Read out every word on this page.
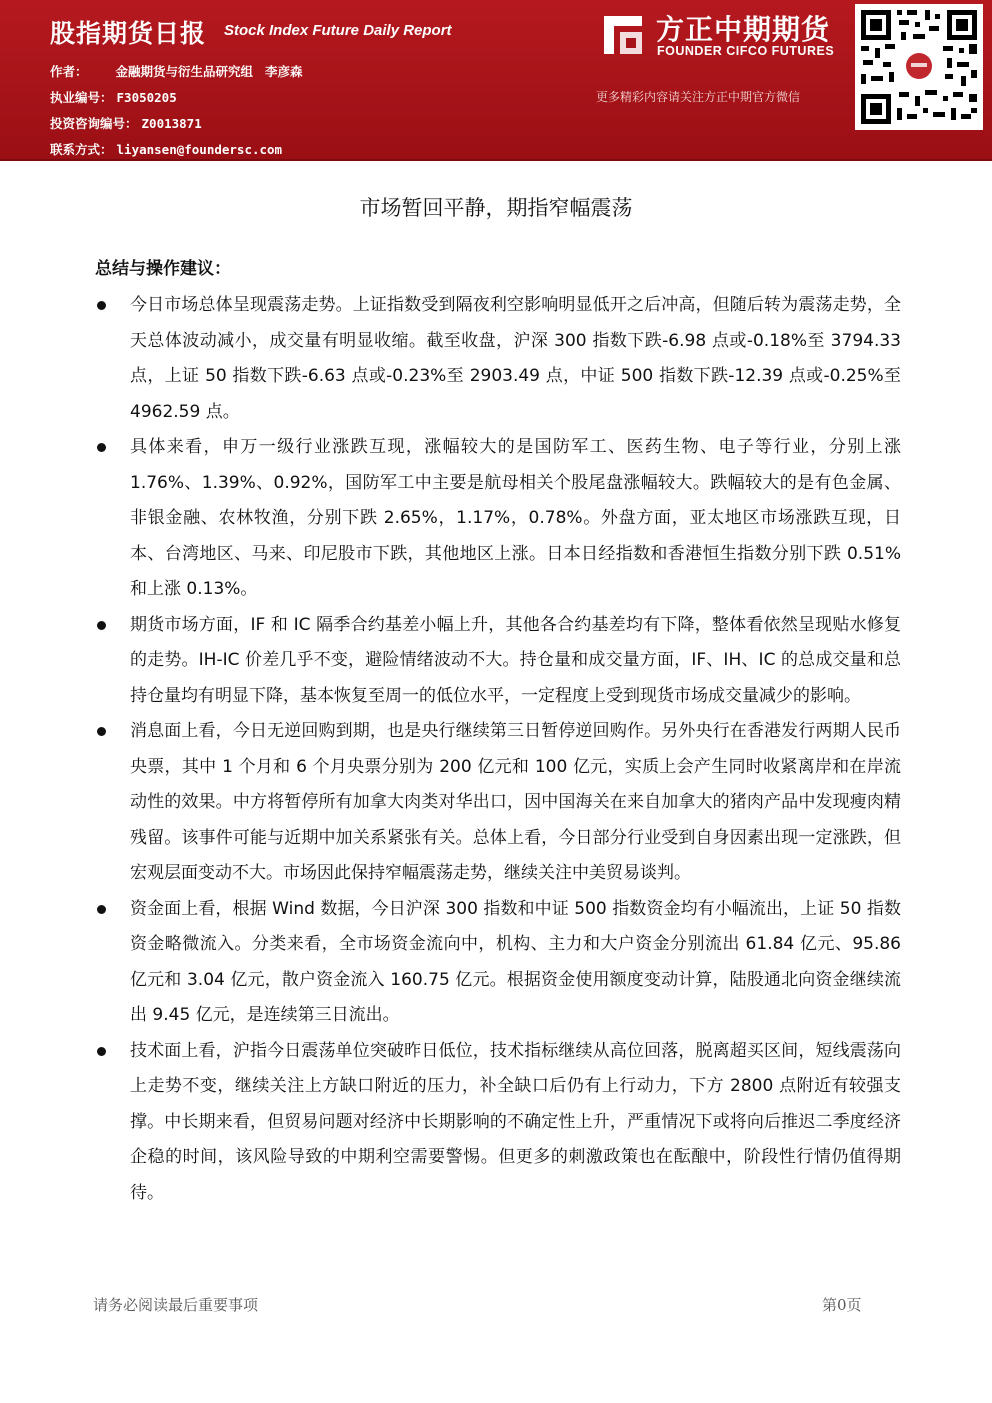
股指期货日报 Stock Index Future Daily Report
作者： 金融期货与衍生品研究组 李彦森
执业编号： F3050205
投资咨询编号： Z0013871
联系方式： liyansen@foundersc.com
方正中期期货
FOUNDER CIFCO FUTURES
更多精彩内容请关注方正中期官方微信
市场暂回平静，期指窄幅震荡
总结与操作建议：
今日市场总体呈现震荡走势。上证指数受到隔夜利空影响明显低开之后冲高，但随后转为震荡走势，全天总体波动减小，成交量有明显收缩。截至收盘，沪深 300 指数下跌-6.98 点或-0.18%至 3794.33 点，上证 50 指数下跌-6.63 点或-0.23%至 2903.49 点，中证 500 指数下跌-12.39 点或-0.25%至 4962.59 点。
具体来看，申万一级行业涨跌互现，涨幅较大的是国防军工、医药生物、电子等行业，分别上涨 1.76%、1.39%、0.92%，国防军工中主要是航母相关个股尾盘涨幅较大。跌幅较大的是有色金属、非银金融、农林牧渔，分别下跌 2.65%，1.17%，0.78%。外盘方面，亚太地区市场涨跌互现，日本、台湾地区、马来、印尼股市下跌，其他地区上涨。日本日经指数和香港恒生指数分别下跌 0.51%和上涨 0.13%。
期货市场方面，IF 和 IC 隔季合约基差小幅上升，其他各合约基差均有下降，整体看依然呈现贴水修复的走势。IH-IC 价差几乎不变，避险情绪波动不大。持仓量和成交量方面，IF、IH、IC 的总成交量和总持仓量均有明显下降，基本恢复至周一的低位水平，一定程度上受到现货市场成交量减少的影响。
消息面上看，今日无逆回购到期，也是央行继续第三日暂停逆回购作。另外央行在香港发行两期人民币央票，其中 1 个月和 6 个月央票分别为 200 亿元和 100 亿元，实质上会产生同时收紧离岸和在岸流动性的效果。中方将暂停所有加拿大肉类对华出口，因中国海关在来自加拿大的猪肉产品中发现瘦肉精残留。该事件可能与近期中加关系紧张有关。总体上看，今日部分行业受到自身因素出现一定涨跌，但宏观层面变动不大。市场因此保持窄幅震荡走势，继续关注中美贸易谈判。
资金面上看，根据 Wind 数据，今日沪深 300 指数和中证 500 指数资金均有小幅流出，上证 50 指数资金略微流入。分类来看，全市场资金流向中，机构、主力和大户资金分别流出 61.84 亿元、95.86 亿元和 3.04 亿元，散户资金流入 160.75 亿元。根据资金使用额度变动计算，陆股通北向资金继续流出 9.45 亿元，是连续第三日流出。
技术面上看，沪指今日震荡单位突破昨日低位，技术指标继续从高位回落，脱离超买区间，短线震荡向上走势不变，继续关注上方缺口附近的压力，补全缺口后仍有上行动力，下方 2800 点附近有较强支撑。中长期来看，但贸易问题对经济中长期影响的不确定性上升，严重情况下或将向后推迟二季度经济企稳的时间，该风险导致的中期利空需要警惕。但更多的刺激政策也在酝酿中，阶段性行情仍值得期待。
请务必阅读最后重要事项	第0页
